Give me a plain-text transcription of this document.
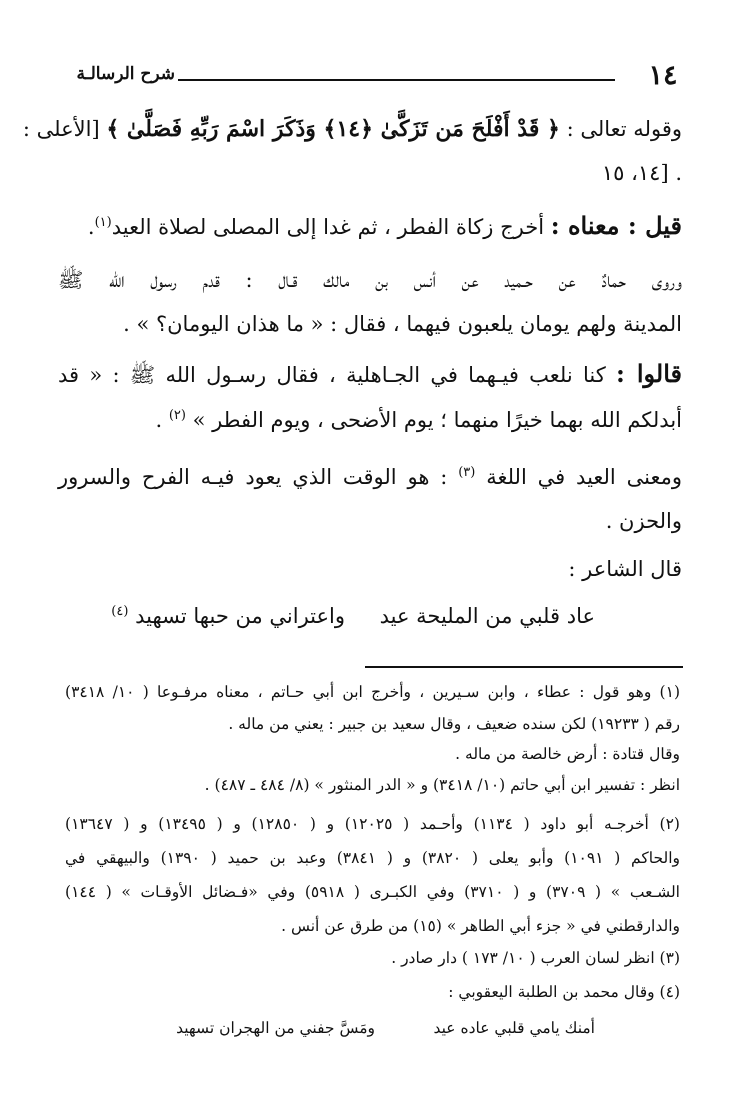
١٤
شرح الرسالـة
وقوله تعالى : ﴿ قَدْ أَفْلَحَ مَن تَزَكَّىٰ ﴿١٤﴾ وَذَكَرَ اسْمَ رَبِّهِ فَصَلَّىٰ ﴾ [الأعلى :
١٤، ١٥] .
قيل : معناه : أخرج زكاة الفطر ، ثم غدا إلى المصلى لصلاة العيد$^{(١)}$.
وروى حمادٌ عن حـميد عن أنس بن مالك قـال : قدم رسول الله ﷺ
المدينة ولهم يومان يلعبون فيهما ، فقال : « ما هذان اليومان؟ » .
قالوا : كنا نلعب فيـهما في الجـاهلية ، فقال رسـول الله ﷺ : « قد
أبدلكم الله بهما خيرًا منهما ؛ يوم الأضحى ، ويوم الفطر » $^{(٢)}$ .
ومعنى العيد في اللغة $^{(٣)}$ : هو الوقت الذي يعود فيـه الفرح والسرور
والحزن .
قال الشاعر :
عاد قلبي من المليحة عيد
واعتراني من حبها تسهيد $^{(٤)}$
(١) وهو قول : عطاء ، وابن سـيرين ، وأخرج ابن أبي حـاتم ، معناه مرفـوعا ( ١٠/ ٣٤١٨)
رقم ( ١٩٢٣٣) لكن سنده ضعيف ، وقال سعيد بن جبير : يعني من ماله .
وقال قتادة : أرض خالصة من ماله .
انظر : تفسير ابن أبي حاتم (١٠/ ٣٤١٨) و « الدر المنثور » (٨/ ٤٨٤ ـ ٤٨٧) .
(٢) أخرجـه أبو داود ( ١١٣٤) وأحـمد ( ١٢٠٢٥) و ( ١٢٨٥٠) و ( ١٣٤٩٥) و ( ١٣٦٤٧)
والحاكم ( ١٠٩١) وأبو يعلى ( ٣٨٢٠) و ( ٣٨٤١) وعبد بن حميد ( ١٣٩٠) والبيهقي في
الشـعب » ( ٣٧٠٩) و ( ٣٧١٠) وفي الكبـرى ( ٥٩١٨) وفي «فـضائل الأوقـات » ( ١٤٤)
والدارقطني في « جزء أبي الطاهر » (١٥) من طرق عن أنس .
(٣) انظر لسان العرب ( ١٠/ ١٧٣ ) دار صادر .
(٤) وقال محمد بن الطلبة اليعقوبي :
أمنك يامي قلبي عاده عيد
ومَسَّ جفني من الهجران تسهيد
